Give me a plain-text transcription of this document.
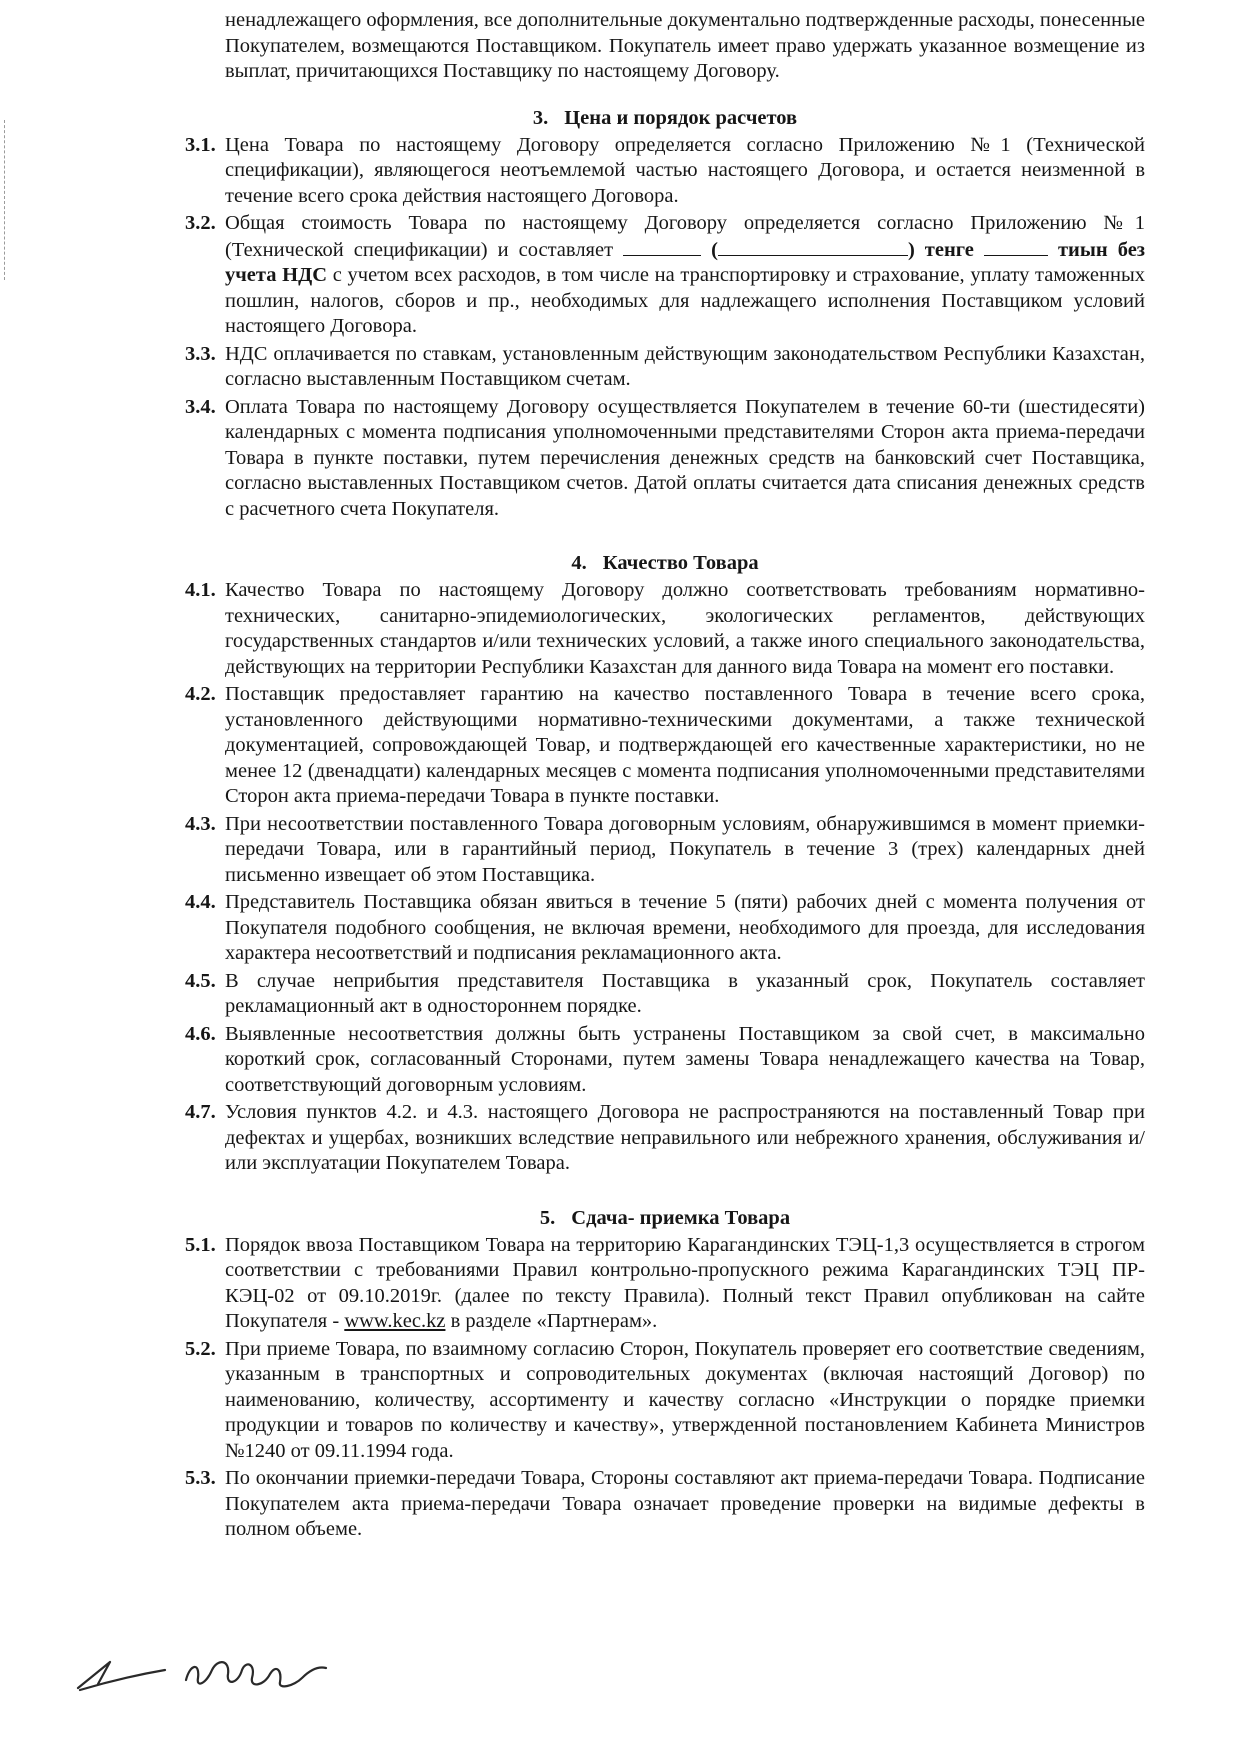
ненадлежащего оформления, все дополнительные документально подтвержденные расходы, понесенные Покупателем, возмещаются Поставщиком. Покупатель имеет право удержать указанное возмещение из выплат, причитающихся Поставщику по настоящему Договору.

3. Цена и порядок расчетов
3.1. Цена Товара по настоящему Договору определяется согласно Приложению №1 (Технической спецификации), являющегося неотъемлемой частью настоящего Договора, и остается неизменной в течение всего срока действия настоящего Договора.

3.2. Общая стоимость Товара по настоящему Договору определяется согласно Приложению №1 (Технической спецификации) и составляет	(	) тенге	тиын без учета НДС с учетом всех расходов, в том числе на транспортировку и страхование, уплату таможенных пошлин, налогов, сборов и пр., необходимых для надлежащего исполнения Поставщиком условий настоящего Договора.

3.3. НДС оплачивается по ставкам, установленным действующим законодательством Республики Казахстан, согласно выставленным Поставщиком счетам.

3.4. Оплата Товара по настоящему Договору осуществляется Покупателем в течение 60-ти (шестидесяти) календарных с момента подписания уполномоченными представителями Сторон акта приема-передачи Товара в пункте поставки, путем перечисления денежных средств на банковский счет Поставщика, согласно выставленных Поставщиком счетов. Датой оплаты считается дата списания денежных средств с расчетного счета Покупателя.

4. Качество Товара
4.1. Качество Товара по настоящему Договору должно соответствовать требованиям нормативно-технических, санитарно-эпидемиологических, экологических регламентов, действующих государственных стандартов и/или технических условий, а также иного специального законодательства, действующих на территории Республики Казахстан для данного вида Товара на момент его поставки.

4.2. Поставщик предоставляет гарантию на качество поставленного Товара в течение всего срока, установленного действующими нормативно-техническими документами, а также технической документацией, сопровождающей Товар, и подтверждающей его качественные характеристики, но не менее 12 (двенадцати) календарных месяцев с момента подписания уполномоченными представителями Сторон акта приема-передачи Товара в пункте поставки.

4.3. При несоответствии поставленного Товара договорным условиям, обнаружившимся в момент приемки-передачи Товара, или в гарантийный период, Покупатель в течение 3 (трех) календарных дней письменно извещает об этом Поставщика.

4.4. Представитель Поставщика обязан явиться в течение 5 (пяти) рабочих дней с момента получения от Покупателя подобного сообщения, не включая времени, необходимого для проезда, для исследования характера несоответствий и подписания рекламационного акта.

4.5. В случае неприбытия представителя Поставщика в указанный срок, Покупатель составляет рекламационный акт в одностороннем порядке.

4.6. Выявленные несоответствия должны быть устранены Поставщиком за свой счет, в максимально короткий срок, согласованный Сторонами, путем замены Товара ненадлежащего качества на Товар, соответствующий договорным условиям.

4.7. Условия пунктов 4.2. и 4.3. настоящего Договора не распространяются на поставленный Товар при дефектах и ущербах, возникших вследствие неправильного или небрежного хранения, обслуживания и/или эксплуатации Покупателем Товара.

5. Сдача- приемка Товара
5.1. Порядок ввоза Поставщиком Товара на территорию Карагандинских ТЭЦ-1,3 осуществляется в строгом соответствии с требованиями Правил контрольно-пропускного режима Карагандинских ТЭЦ ПР-КЭЦ-02 от 09.10.2019г. (далее по тексту Правила). Полный текст Правил опубликован на сайте Покупателя - www.kec.kz в разделе «Партнерам».

5.2. При приеме Товара, по взаимному согласию Сторон, Покупатель проверяет его соответствие сведениям, указанным в транспортных и сопроводительных документах (включая настоящий Договор) по наименованию, количеству, ассортименту и качеству согласно «Инструкции о порядке приемки продукции и товаров по количеству и качеству», утвержденной постановлением Кабинета Министров №1240 от 09.11.1994 года.

5.3. По окончании приемки-передачи Товара, Стороны составляют акт приема-передачи Товара. Подписание Покупателем акта приема-передачи Товара означает проведение проверки на видимые дефекты в полном объеме.
